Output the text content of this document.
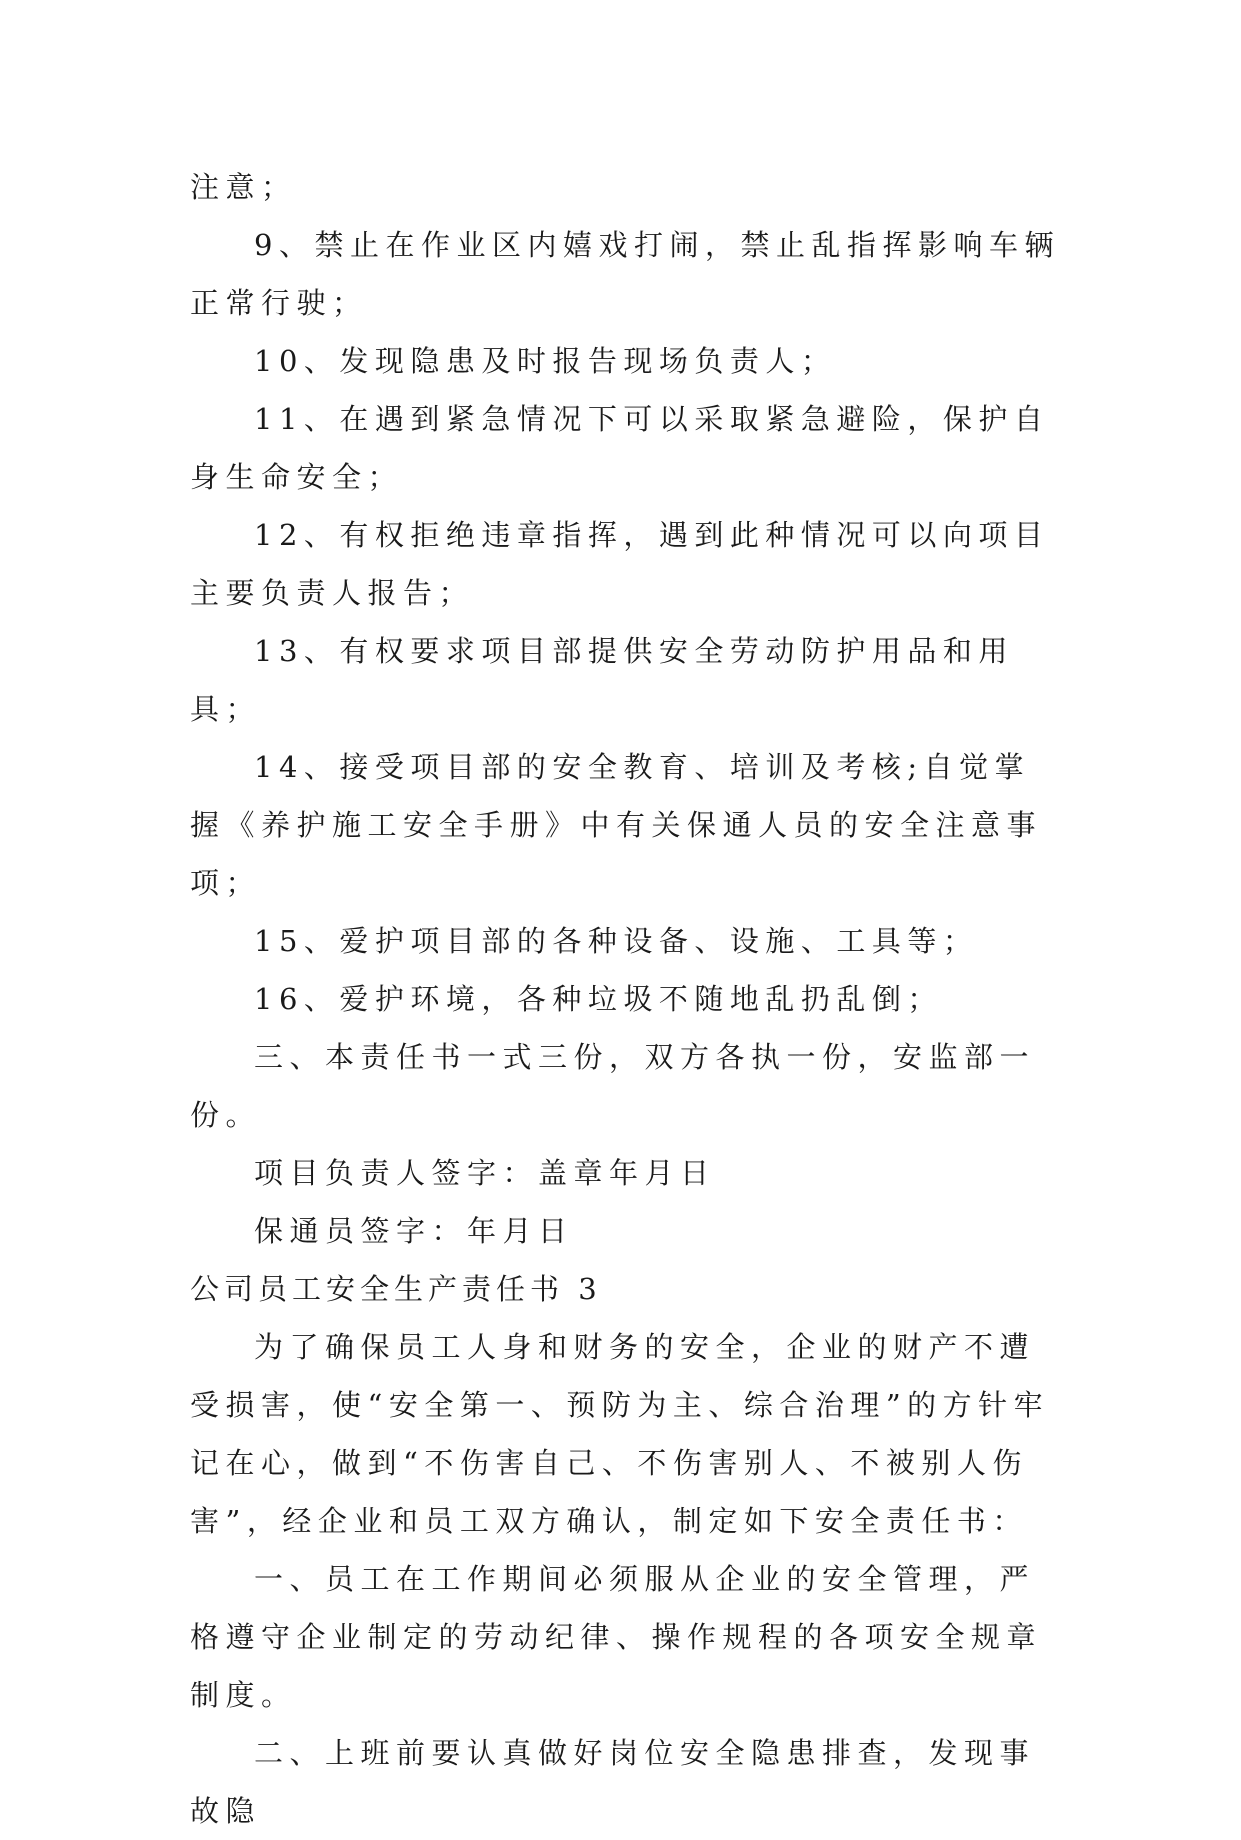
注意；

9、禁止在作业区内嬉戏打闹，禁止乱指挥影响车辆正常行驶；

10、发现隐患及时报告现场负责人；

11、在遇到紧急情况下可以采取紧急避险，保护自身生命安全；

12、有权拒绝违章指挥，遇到此种情况可以向项目主要负责人报告；

13、有权要求项目部提供安全劳动防护用品和用具；

14、接受项目部的安全教育、培训及考核;自觉掌握《养护施工安全手册》中有关保通人员的安全注意事项；

15、爱护项目部的各种设备、设施、工具等；

16、爱护环境，各种垃圾不随地乱扔乱倒；

三、本责任书一式三份，双方各执一份，安监部一份。

项目负责人签字：盖章年月日

保通员签字：年月日

公司员工安全生产责任书 3

为了确保员工人身和财务的安全，企业的财产不遭受损害，使“安全第一、预防为主、综合治理”的方针牢记在心，做到“不伤害自己、不伤害别人、不被别人伤害”，经企业和员工双方确认，制定如下安全责任书：

一、员工在工作期间必须服从企业的安全管理，严格遵守企业制定的劳动纪律、操作规程的各项安全规章制度。

二、上班前要认真做好岗位安全隐患排查，发现事故隐
